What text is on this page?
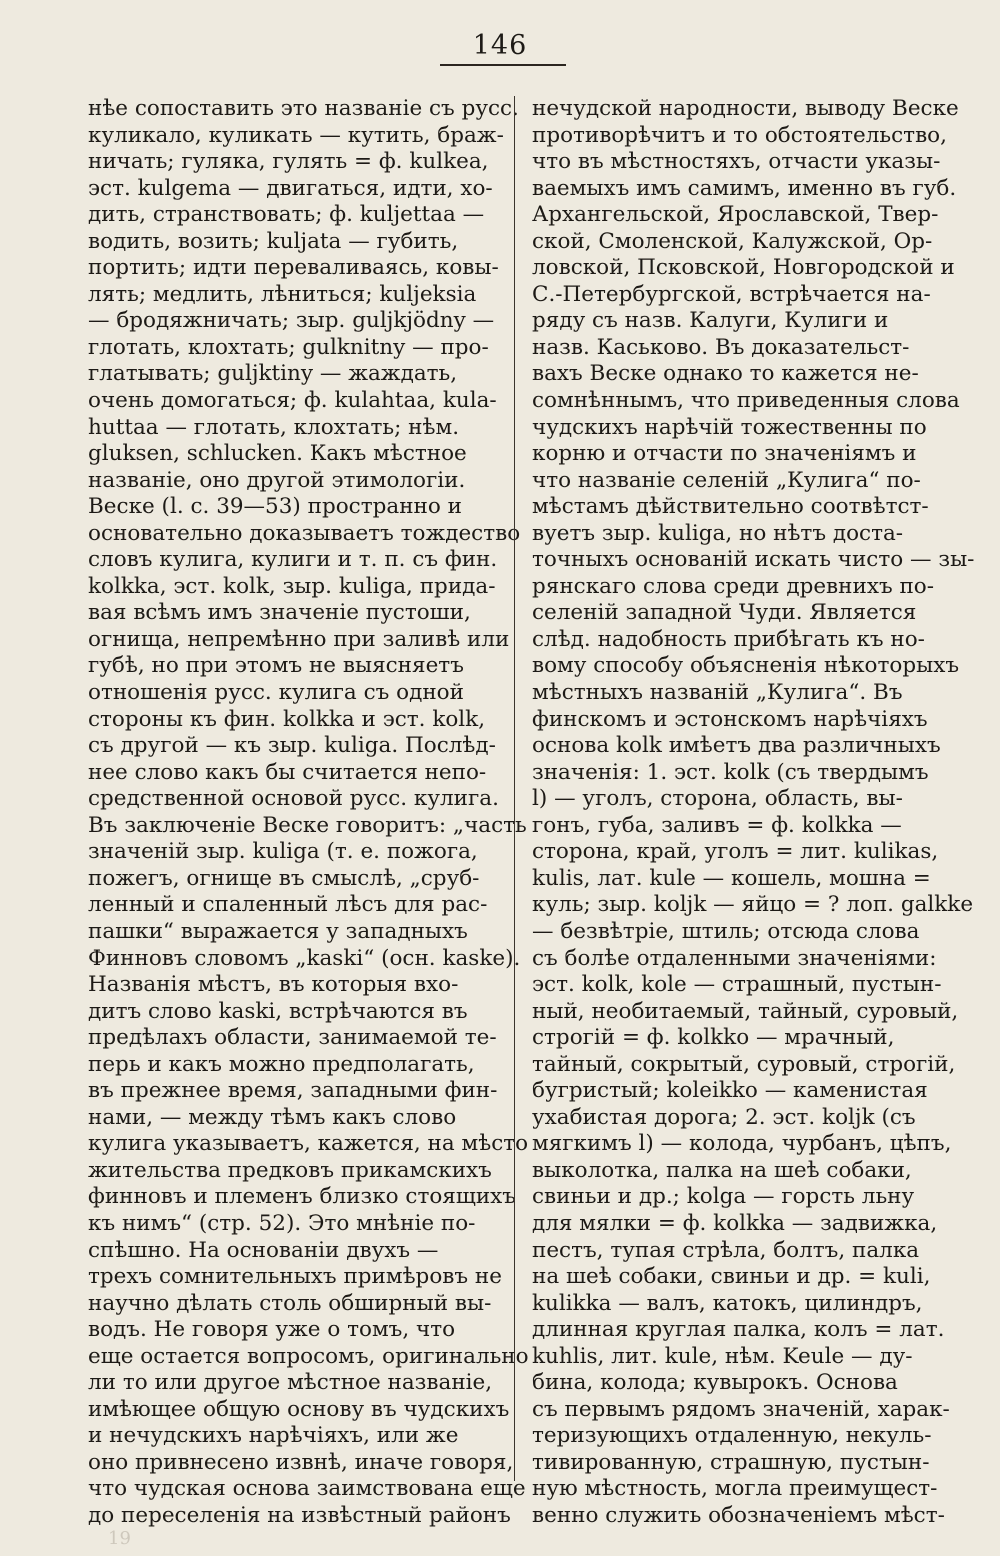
146
нѣе сопоставить это названіе съ русс.
куликало, куликать — кутить, браж-
ничать; гуляка, гулять = ф. kulkea,
эст. kulgema — двигаться, идти, хо-
дить, странствовать; ф. kuljettaa —
водить, возить; kuljata — губить,
портить; идти переваливаясь, ковы-
лять; медлить, лѣниться; kuljeksia
— бродяжничать; зыр. guljkjödny —
глотать, клохтать; gulknitny — про-
глатывать; guljktiny — жаждать,
очень домогаться; ф. kulahtaa, kula-
huttaa — глотать, клохтать; нѣм.
gluksen, schlucken. Какъ мѣстное
названіе, оно другой этимологіи.
Веске (l. с. 39—53) пространно и
основательно доказываетъ тождество
словъ кулига, кулиги и т. п. съ фин.
kolkka, эст. kolk, зыр. kuliga, прида-
вая всѣмъ имъ значеніе пустоши,
огнища, непремѣнно при заливѣ или
губѣ, но при этомъ не выясняетъ
отношенія русс. кулига съ одной
стороны къ фин. kolkka и эст. kolk,
съ другой — къ зыр. kuliga. Послѣд-
нее слово какъ бы считается непо-
средственной основой русс. кулига.
Въ заключеніе Веске говоритъ: „часть
значеній зыр. kuliga (т. е. пожога,
пожегъ, огнище въ смыслѣ, „сруб-
ленный и спаленный лѣсъ для рас-
пашки“ выражается у западныхъ
Финновъ словомъ „kaski“ (осн. kaske).
Названія мѣстъ, въ которыя вхо-
дитъ слово kaski, встрѣчаются въ
предѣлахъ области, занимаемой те-
перь и какъ можно предполагать,
въ прежнее время, западными фин-
нами, — между тѣмъ какъ слово
кулига указываетъ, кажется, на мѣсто
жительства предковъ прикамскихъ
финновъ и племенъ близко стоящихъ
къ нимъ“ (стр. 52). Это мнѣніе по-
спѣшно. На основаніи двухъ —
трехъ сомнительныхъ примѣровъ не
научно дѣлать столь обширный вы-
водъ. Не говоря уже о томъ, что
еще остается вопросомъ, оригинально
ли то или другое мѣстное названіе,
имѣющее общую основу въ чудскихъ
и нечудскихъ нарѣчіяхъ, или же
оно привнесено извнѣ, иначе говоря,
что чудская основа заимствована еще
до переселенія на извѣстный районъ
нечудской народности, выводу Веске
противорѣчитъ и то обстоятельство,
что въ мѣстностяхъ, отчасти указы-
ваемыхъ имъ самимъ, именно въ губ.
Архангельской, Ярославской, Твер-
ской, Смоленской, Калужской, Ор-
ловской, Псковской, Новгородской и
С.-Петербургской, встрѣчается на-
ряду съ назв. Калуги, Кулиги и
назв. Каськово. Въ доказательст-
вахъ Веске однако то кажется не-
сомнѣннымъ, что приведенныя слова
чудскихъ нарѣчій тожественны по
корню и отчасти по значеніямъ и
что названіе селеній „Кулига“ по-
мѣстамъ дѣйствительно соотвѣтст-
вуетъ зыр. kuliga, но нѣтъ доста-
точныхъ основаній искать чисто — зы-
рянскаго слова среди древнихъ по-
селеній западной Чуди. Является
слѣд. надобность прибѣгать къ но-
вому способу объясненія нѣкоторыхъ
мѣстныхъ названій „Кулига“. Въ
финскомъ и эстонскомъ нарѣчіяхъ
основа kolk имѣетъ два различныхъ
значенія: 1. эст. kolk (съ твердымъ
l) — уголъ, сторона, область, вы-
гонъ, губа, заливъ = ф. kolkka —
сторона, край, уголъ = лит. kulikas,
kulis, лат. kule — кошель, мошна =
куль; зыр. koljk — яйцо = ? лоп. galkke
— безвѣтріе, штиль; отсюда слова
съ болѣе отдаленными значеніями:
эст. kolk, kole — страшный, пустын-
ный, необитаемый, тайный, суровый,
строгій = ф. kolkko — мрачный,
тайный, сокрытый, суровый, строгій,
бугристый; koleikko — каменистая
ухабистая дорога; 2. эст. koljk (съ
мягкимъ l) — колода, чурбанъ, цѣпъ,
выколотка, палка на шеѣ собаки,
свиньи и др.; kolga — горсть льну
для мялки = ф. kolkka — задвижка,
пестъ, тупая стрѣла, болтъ, палка
на шеѣ собаки, свиньи и др. = kuli,
kulikka — валъ, катокъ, цилиндръ,
длинная круглая палка, колъ = лат.
kuhlis, лит. kule, нѣм. Keule — ду-
бина, колода; кувырокъ. Основа
съ первымъ рядомъ значеній, харак-
теризующихъ отдаленную, некуль-
тивированную, страшную, пустын-
ную мѣстность, могла преимущест-
венно служить обозначеніемъ мѣст-
19
